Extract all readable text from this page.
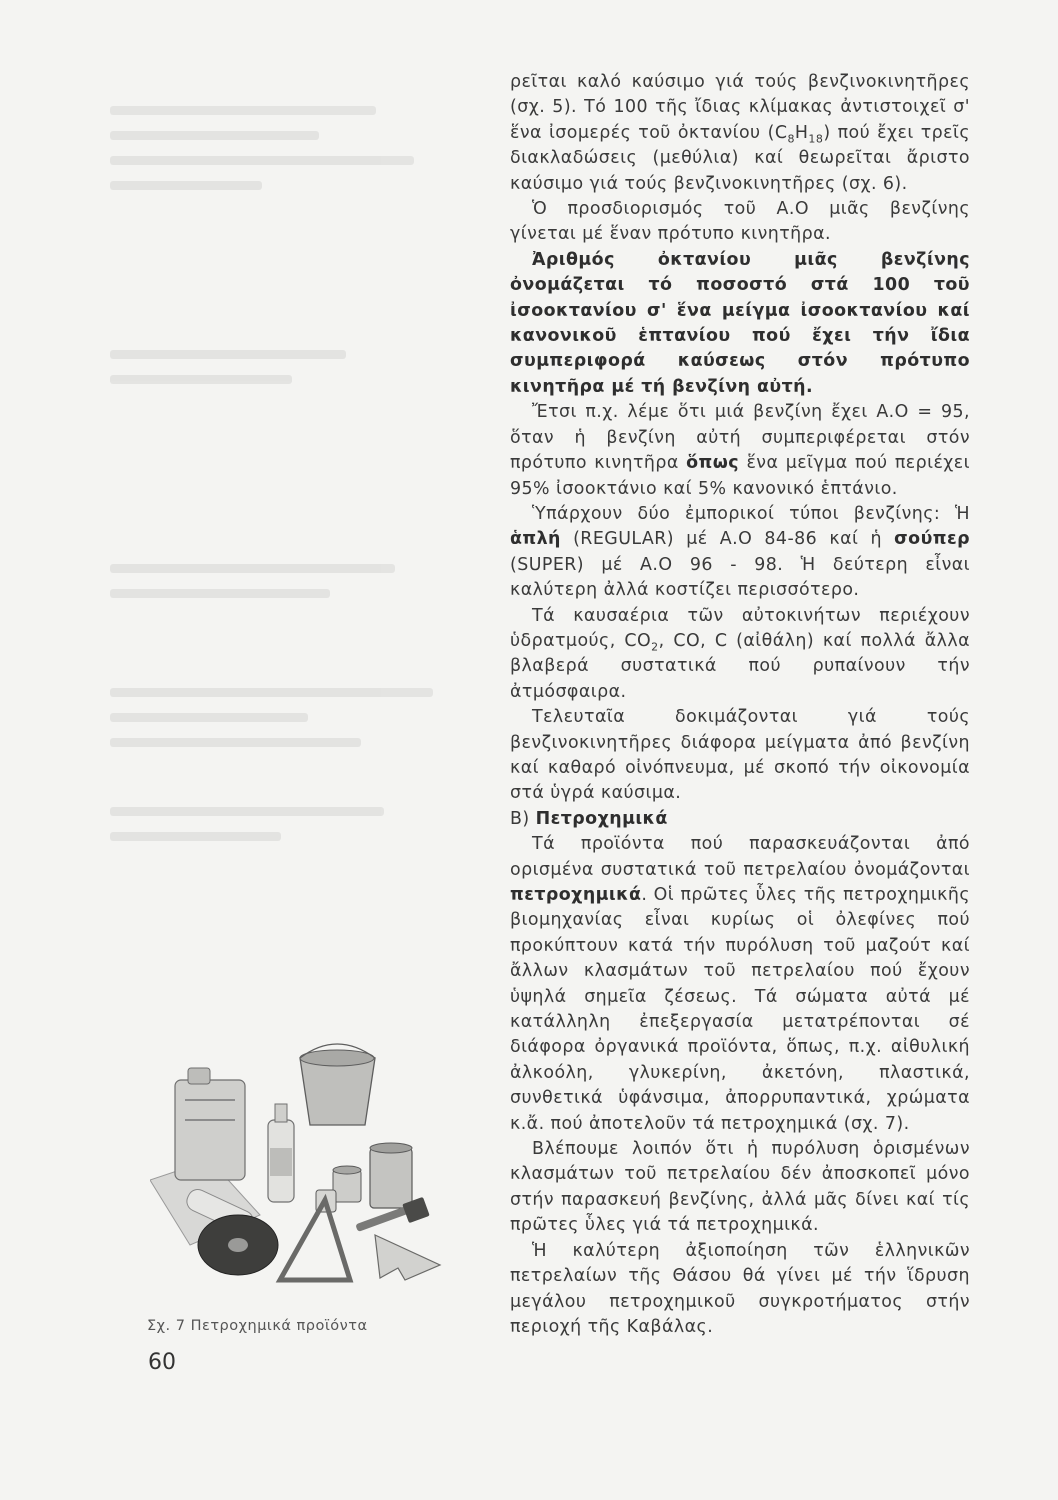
ρεῖται καλό καύσιμο γιά τούς βενζινοκινητῆρες (σχ. 5). Τό 100 τῆς ἴδιας κλίμακας ἀντιστοιχεῖ σ' ἕνα ἰσομερές τοῦ ὀκτανίου $(C_8H_{18})$ πού ἔχει τρεῖς διακλαδώσεις (μεθύλια) καί θεωρεῖται ἄριστο καύσιμο γιά τούς βενζινοκινητῆρες (σχ. 6).

Ὁ προσδιορισμός τοῦ Α.Ο μιᾶς βενζίνης γίνεται μέ ἕναν πρότυπο κινητῆρα.

Ἀριθμός ὀκτανίου μιᾶς βενζίνης ὀνομάζεται τό ποσοστό στά 100 τοῦ ἰσοοκτανίου σ' ἕνα μείγμα ἰσοοκτανίου καί κανονικοῦ ἑπτανίου πού ἔχει τήν ἴδια συμπεριφορά καύσεως στόν πρότυπο κινητῆρα μέ τή βενζίνη αὐτή.

Ἔτσι π.χ. λέμε ὅτι μιά βενζίνη ἔχει Α.Ο = 95, ὅταν ἡ βενζίνη αὐτή συμπεριφέρεται στόν πρότυπο κινητῆρα ὅπως ἕνα μεῖγμα πού περιέχει 95% ἰσοοκτάνιο καί 5% κανονικό ἑπτάνιο.

Ὑπάρχουν δύο ἐμπορικοί τύποι βενζίνης: Ἡ ἁπλή (REGULAR) μέ Α.Ο 84-86 καί ἡ σούπερ (SUPER) μέ Α.Ο 96 - 98. Ἡ δεύτερη εἶναι καλύτερη ἀλλά κοστίζει περισσότερο.

Τά καυσαέρια τῶν αὐτοκινήτων περιέχουν ὑδρατμούς, $CO_2$, CO, C (αἰθάλη) καί πολλά ἄλλα βλαβερά συστατικά πού ρυπαίνουν τήν ἀτμόσφαιρα.

Τελευταῖα δοκιμάζονται γιά τούς βενζινοκινητῆρες διάφορα μείγματα ἀπό βενζίνη καί καθαρό οἰνόπνευμα, μέ σκοπό τήν οἰκονομία στά ὑγρά καύσιμα.

Β) Πετροχημικά

Τά προϊόντα πού παρασκευάζονται ἀπό ορισμένα συστατικά τοῦ πετρελαίου ὀνομάζονται πετροχημικά. Οἱ πρῶτες ὗλες τῆς πετροχημικῆς βιομηχανίας εἶναι κυρίως οἱ ὀλεφίνες πού προκύπτουν κατά τήν πυρόλυση τοῦ μαζούτ καί ἄλλων κλασμάτων τοῦ πετρελαίου πού ἔχουν ὑψηλά σημεῖα ζέσεως. Τά σώματα αὐτά μέ κατάλληλη ἐπεξεργασία μετατρέπονται σέ διάφορα ὀργανικά προϊόντα, ὅπως, π.χ. αἰθυλική ἀλκοόλη, γλυκερίνη, ἀκετόνη, πλαστικά, συνθετικά ὑφάνσιμα, ἀπορρυπαντικά, χρώματα κ.ἄ. πού ἀποτελοῦν τά πετροχημικά (σχ. 7).

Βλέπουμε λοιπόν ὅτι ἡ πυρόλυση ὁρισμένων κλασμάτων τοῦ πετρελαίου δέν ἀποσκοπεῖ μόνο στήν παρασκευή βενζίνης, ἀλλά μᾶς δίνει καί τίς πρῶτες ὗλες γιά τά πετροχημικά.

Ἡ καλύτερη ἀξιοποίηση τῶν ἑλληνικῶν πετρελαίων τῆς Θάσου θά γίνει μέ τήν ἵδρυση μεγάλου πετροχημικοῦ συγκροτήματος στήν περιοχή τῆς Καβάλας.

Σχ. 7 Πετροχημικά προϊόντα
60
